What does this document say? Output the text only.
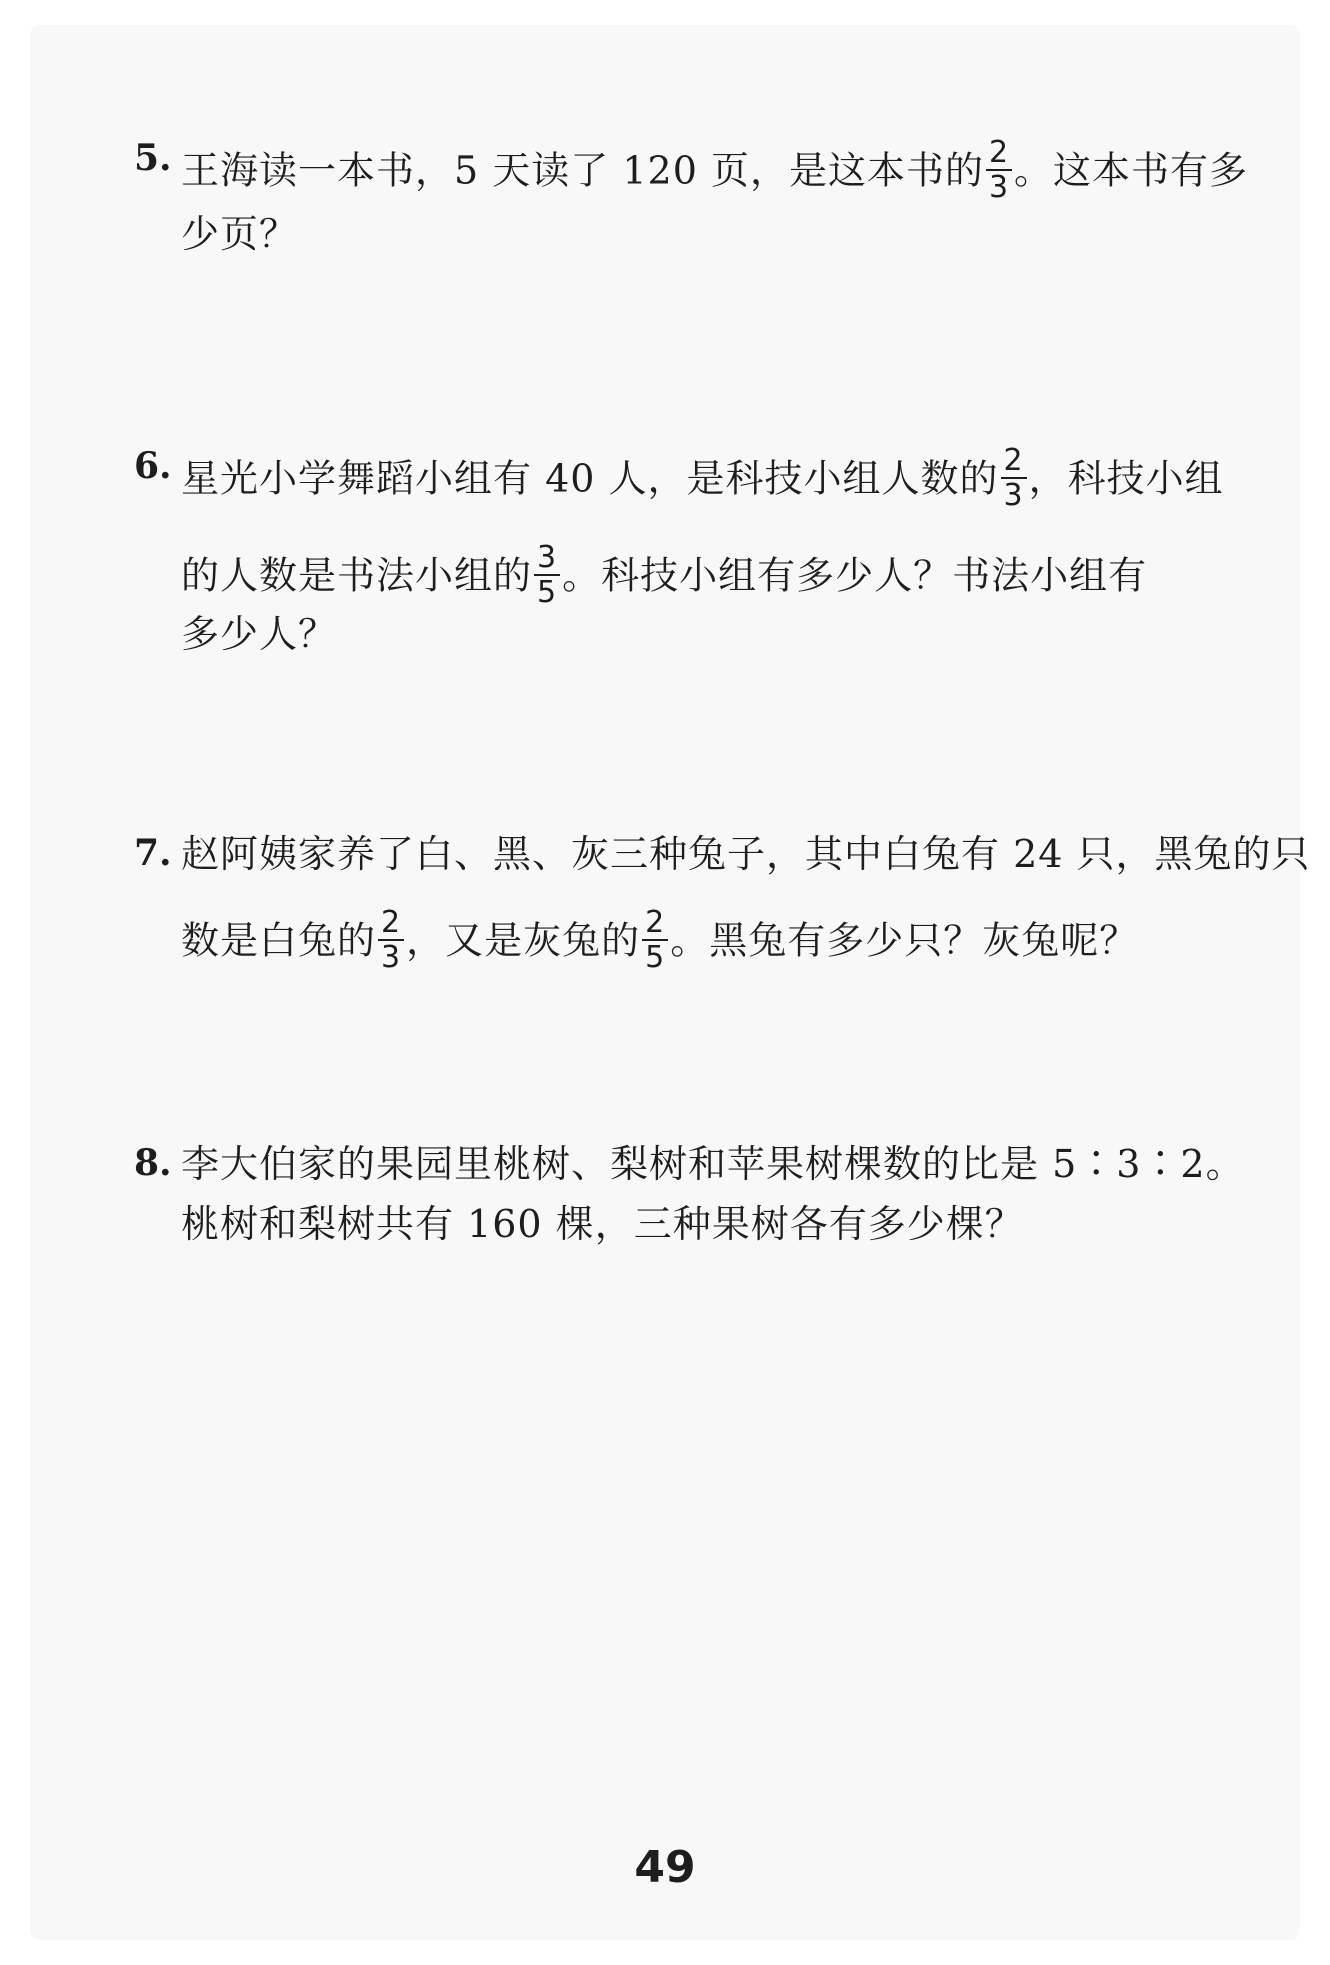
5. 王海读一本书，5 天读了 120 页，是这本书的 $\frac{2}{3}$ 。这本书有多
少页？
6. 星光小学舞蹈小组有 40 人，是科技小组人数的 $\frac{2}{3}$ ，科技小组
的人数是书法小组的 $\frac{3}{5}$ 。科技小组有多少人？书法小组有
多少人？
7. 赵阿姨家养了白、黑、灰三种兔子，其中白兔有 24 只，黑兔的只
数是白兔的 $\frac{2}{3}$ ，又是灰兔的 $\frac{2}{5}$ 。黑兔有多少只？灰兔呢？
8. 李大伯家的果园里桃树、梨树和苹果树棵数的比是 5∶3∶2。
桃树和梨树共有 160 棵，三种果树各有多少棵？
49
